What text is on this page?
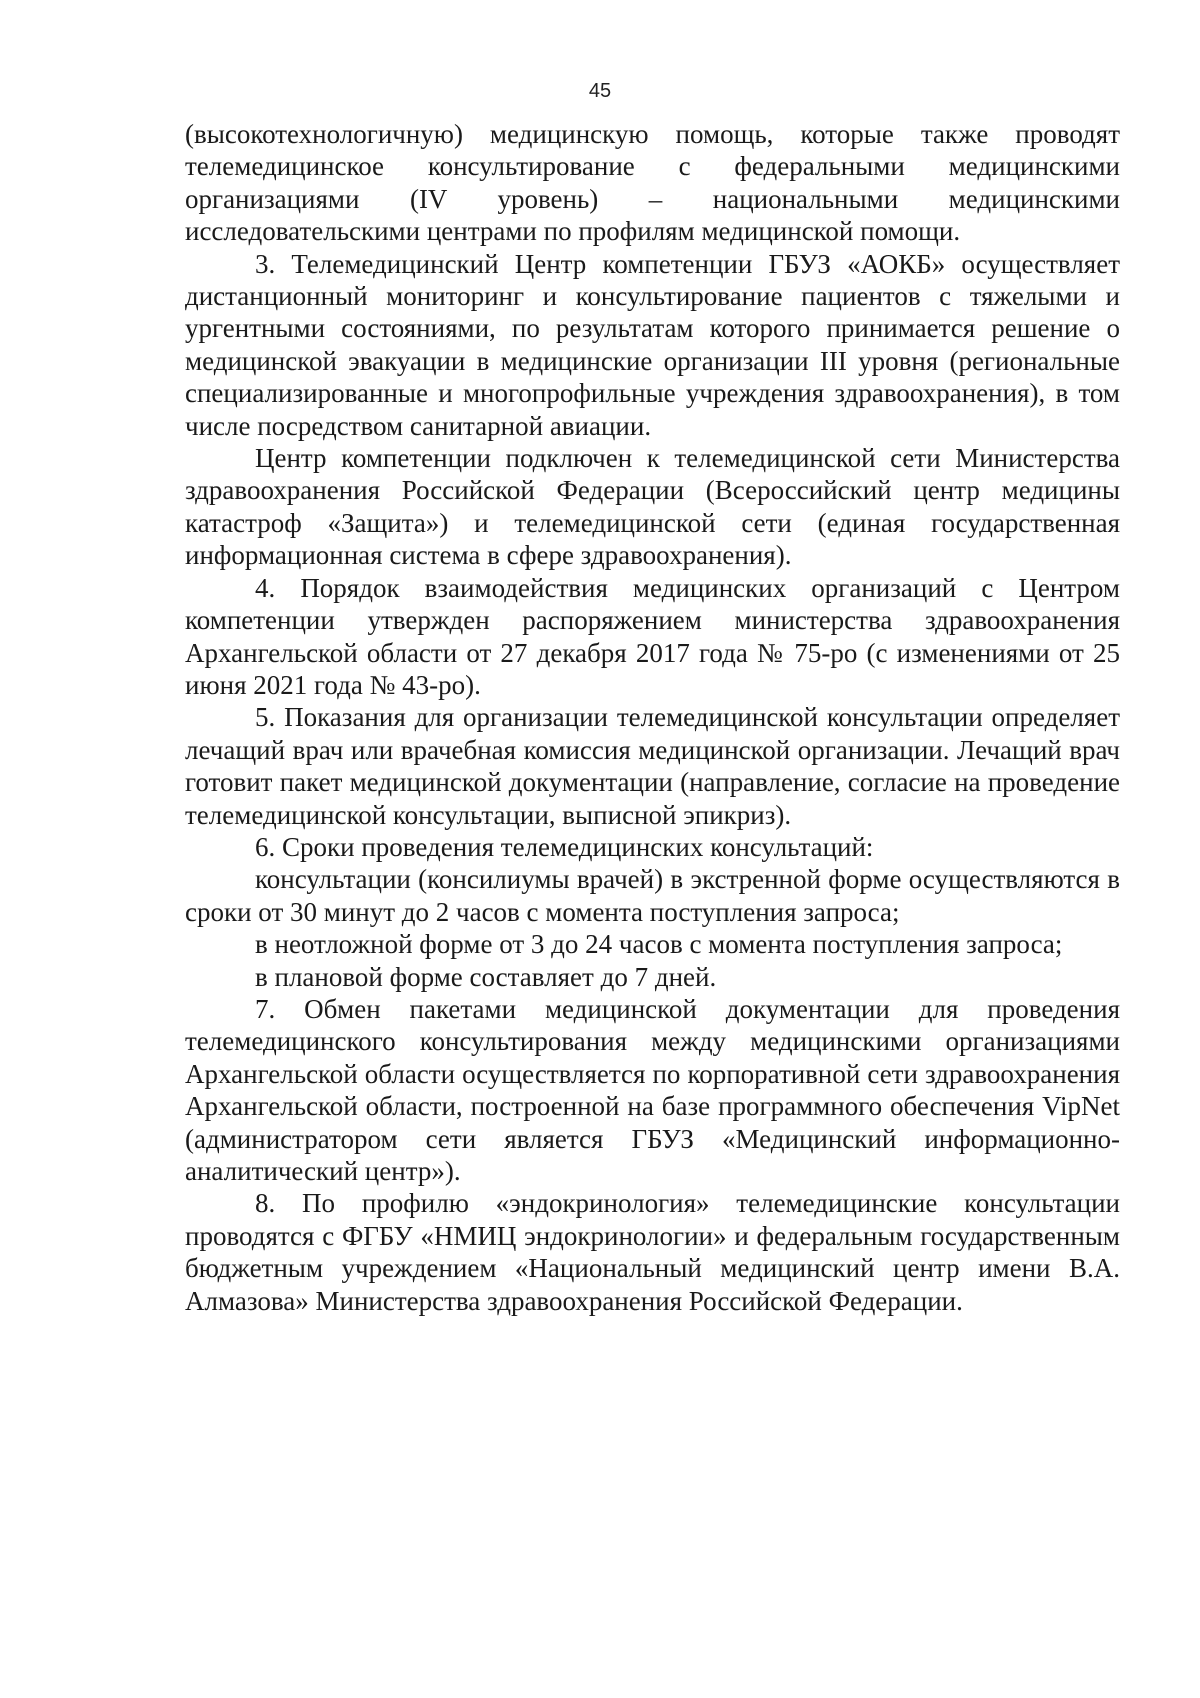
45

(высокотехнологичную) медицинскую помощь, которые также проводят телемедицинское консультирование с федеральными медицинскими организациями (IV уровень) – национальными медицинскими исследовательскими центрами по профилям медицинской помощи.

3. Телемедицинский Центр компетенции ГБУЗ «АОКБ» осуществляет дистанционный мониторинг и консультирование пациентов с тяжелыми и ургентными состояниями, по результатам которого принимается решение о медицинской эвакуации в медицинские организации III уровня (региональные специализированные и многопрофильные учреждения здравоохранения), в том числе посредством санитарной авиации.

Центр компетенции подключен к телемедицинской сети Министерства здравоохранения Российской Федерации (Всероссийский центр медицины катастроф «Защита») и телемедицинской сети (единая государственная информационная система в сфере здравоохранения).

4. Порядок взаимодействия медицинских организаций с Центром компетенции утвержден распоряжением министерства здравоохранения Архангельской области от 27 декабря 2017 года № 75-ро (с изменениями от 25 июня 2021 года № 43-ро).

5. Показания для организации телемедицинской консультации определяет лечащий врач или врачебная комиссия медицинской организации. Лечащий врач готовит пакет медицинской документации (направление, согласие на проведение телемедицинской консультации, выписной эпикриз).

6. Сроки проведения телемедицинских консультаций:

консультации (консилиумы врачей) в экстренной форме осуществляются в сроки от 30 минут до 2 часов с момента поступления запроса;

в неотложной форме от 3 до 24 часов с момента поступления запроса;

в плановой форме составляет до 7 дней.

7. Обмен пакетами медицинской документации для проведения телемедицинского консультирования между медицинскими организациями Архангельской области осуществляется по корпоративной сети здравоохранения Архангельской области, построенной на базе программного обеспечения VipNet (администратором сети является ГБУЗ «Медицинский информационно-аналитический центр»).

8. По профилю «эндокринология» телемедицинские консультации проводятся с ФГБУ «НМИЦ эндокринологии» и федеральным государственным бюджетным учреждением «Национальный медицинский центр имени В.А. Алмазова» Министерства здравоохранения Российской Федерации.
